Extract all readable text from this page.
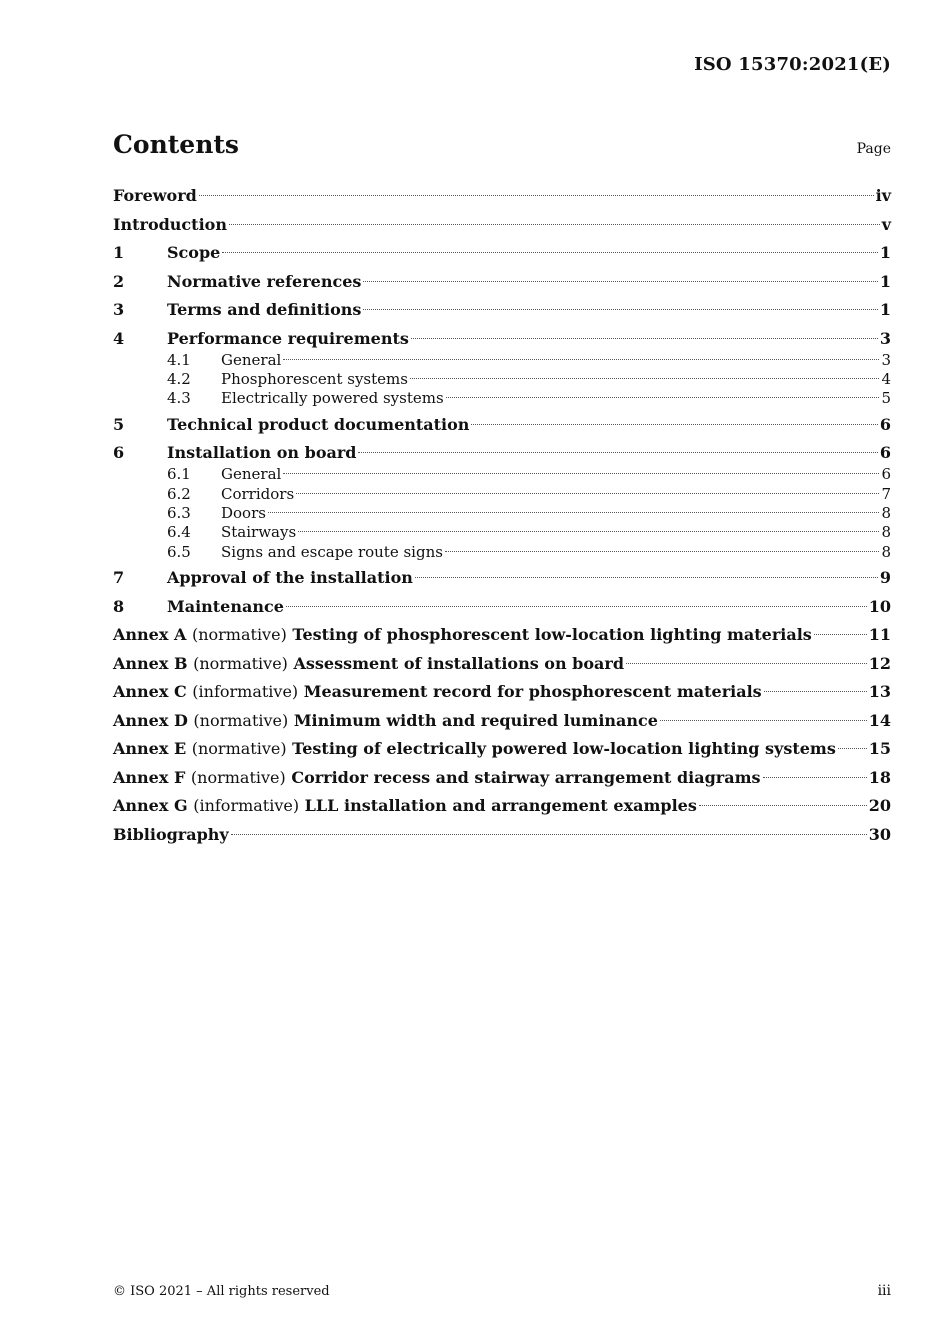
ISO 15370:2021(E)
Contents	Page
Foreword	iv
Introduction	v
1	Scope	1
2	Normative references	1
3	Terms and definitions	1
4	Performance requirements	3
4.1	General	3
4.2	Phosphorescent systems	4
4.3	Electrically powered systems	5
5	Technical product documentation	6
6	Installation on board	6
6.1	General	6
6.2	Corridors	7
6.3	Doors	8
6.4	Stairways	8
6.5	Signs and escape route signs	8
7	Approval of the installation	9
8	Maintenance	10
Annex A (normative) Testing of phosphorescent low-location lighting materials	11
Annex B (normative) Assessment of installations on board	12
Annex C (informative) Measurement record for phosphorescent materials	13
Annex D (normative) Minimum width and required luminance	14
Annex E (normative) Testing of electrically powered low-location lighting systems 15
Annex F (normative) Corridor recess and stairway arrangement diagrams	18
Annex G (informative) LLL installation and arrangement examples	20
Bibliography	30
© ISO 2021 – All rights reserved	iii
